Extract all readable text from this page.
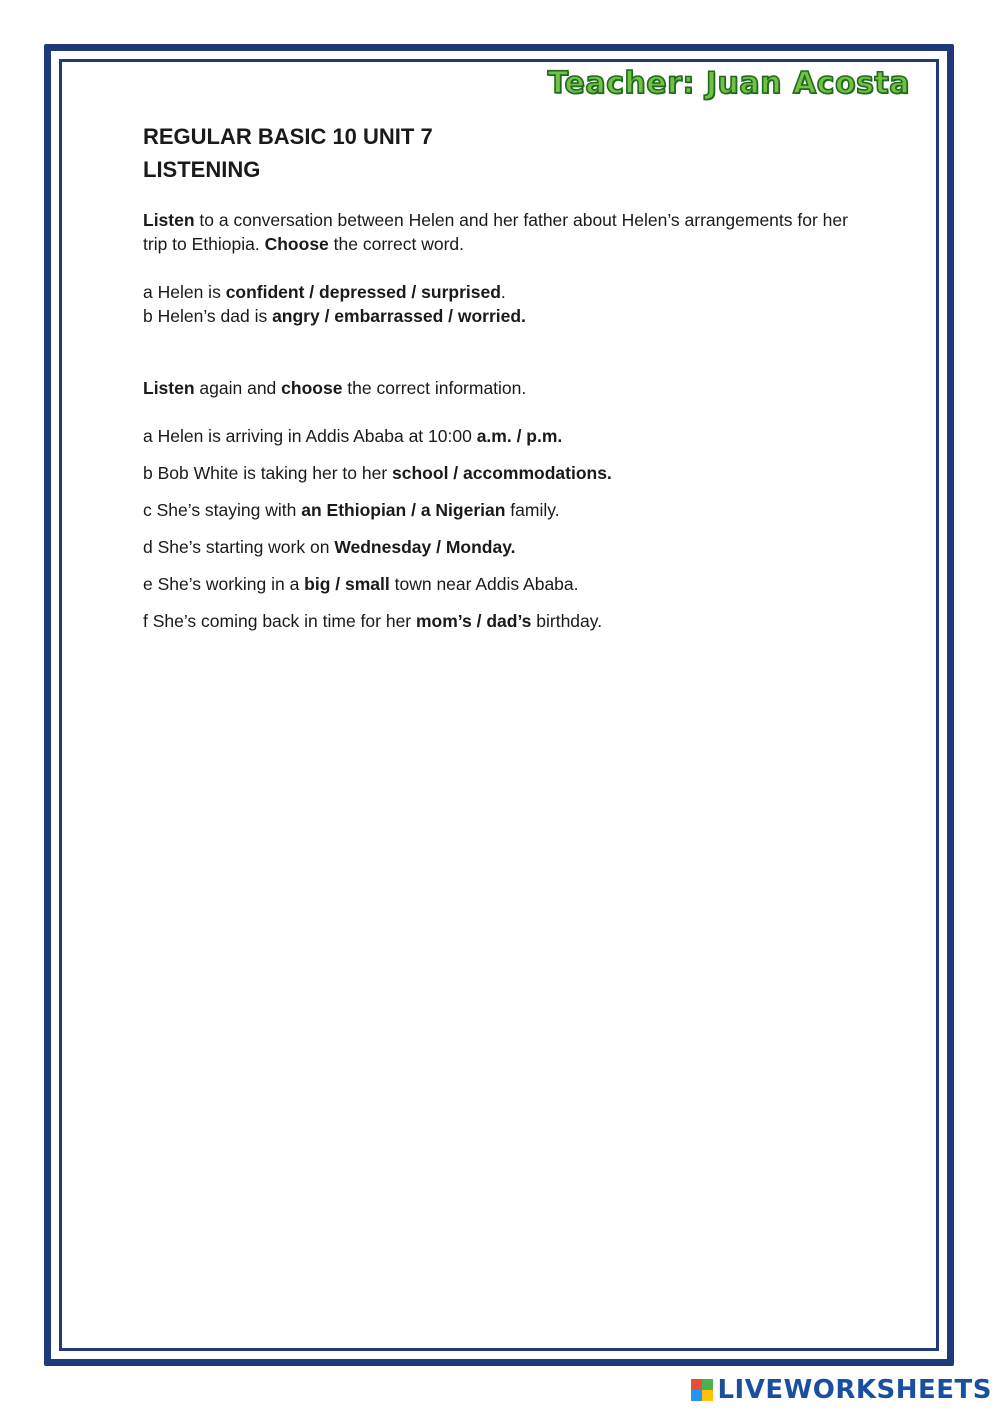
Teacher: Juan Acosta
REGULAR BASIC 10 UNIT 7
LISTENING

Listen to a conversation between Helen and her father about Helen’s arrangements for her trip to Ethiopia. Choose the correct word.

a Helen is confident / depressed / surprised.

b Helen’s dad is angry / embarrassed / worried.

Listen again and choose the correct information.

a Helen is arriving in Addis Ababa at 10:00 a.m. / p.m.

b Bob White is taking her to her school / accommodations.

c She’s staying with an Ethiopian / a Nigerian family.

d She’s starting work on Wednesday / Monday.

e She’s working in a big / small town near Addis Ababa.

f She’s coming back in time for her mom’s / dad’s birthday.

LIVEWORKSHEETS
